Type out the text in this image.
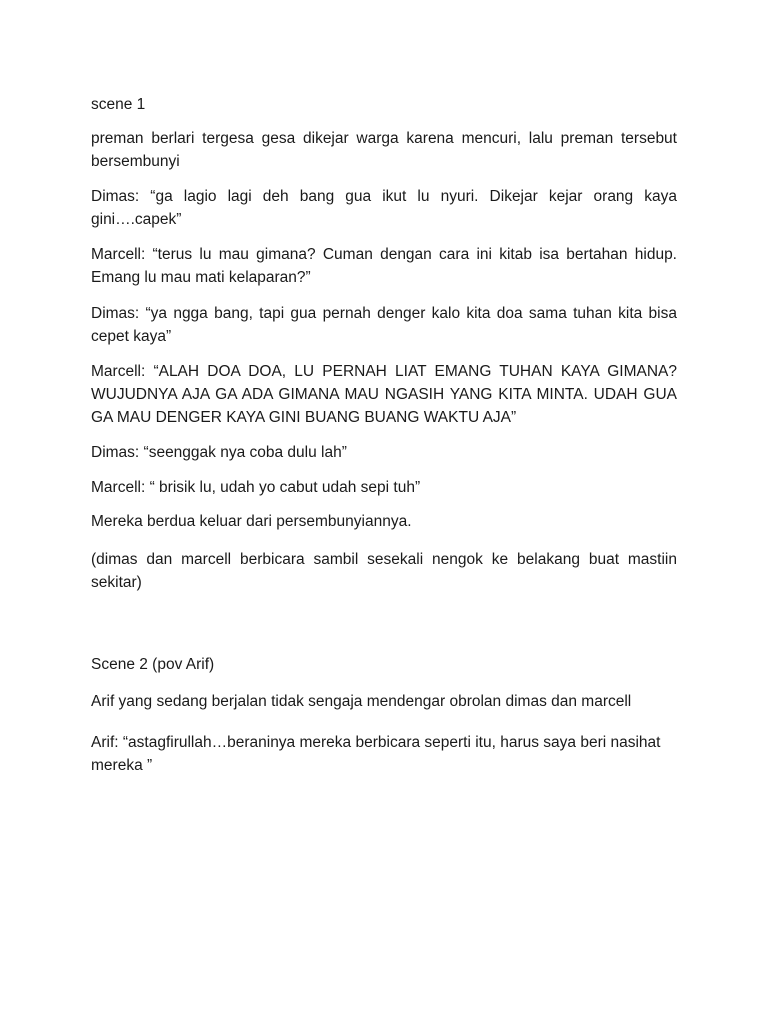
scene 1

preman berlari tergesa gesa dikejar warga karena mencuri, lalu preman tersebut bersembunyi

Dimas: “ga lagio lagi deh bang gua ikut lu nyuri. Dikejar kejar orang kaya gini….capek”

Marcell: “terus lu mau gimana? Cuman dengan cara ini kitab isa bertahan hidup. Emang lu mau mati kelaparan?”

Dimas: “ya ngga bang, tapi gua pernah denger kalo kita doa sama tuhan kita bisa cepet kaya”

Marcell: “ALAH DOA DOA, LU PERNAH LIAT EMANG TUHAN KAYA GIMANA? WUJUDNYA AJA GA ADA GIMANA MAU NGASIH YANG KITA MINTA. UDAH GUA GA MAU DENGER KAYA GINI BUANG BUANG WAKTU AJA”

Dimas: “seenggak nya coba dulu lah”

Marcell: “ brisik lu, udah yo cabut udah sepi tuh”

Mereka berdua keluar dari persembunyiannya.

(dimas dan marcell berbicara sambil sesekali nengok ke belakang buat mastiin sekitar)

Scene 2 (pov Arif)

Arif yang sedang berjalan tidak sengaja mendengar obrolan dimas dan marcell

Arif: “astagfirullah…beraninya mereka berbicara seperti itu, harus saya beri nasihat mereka ”
